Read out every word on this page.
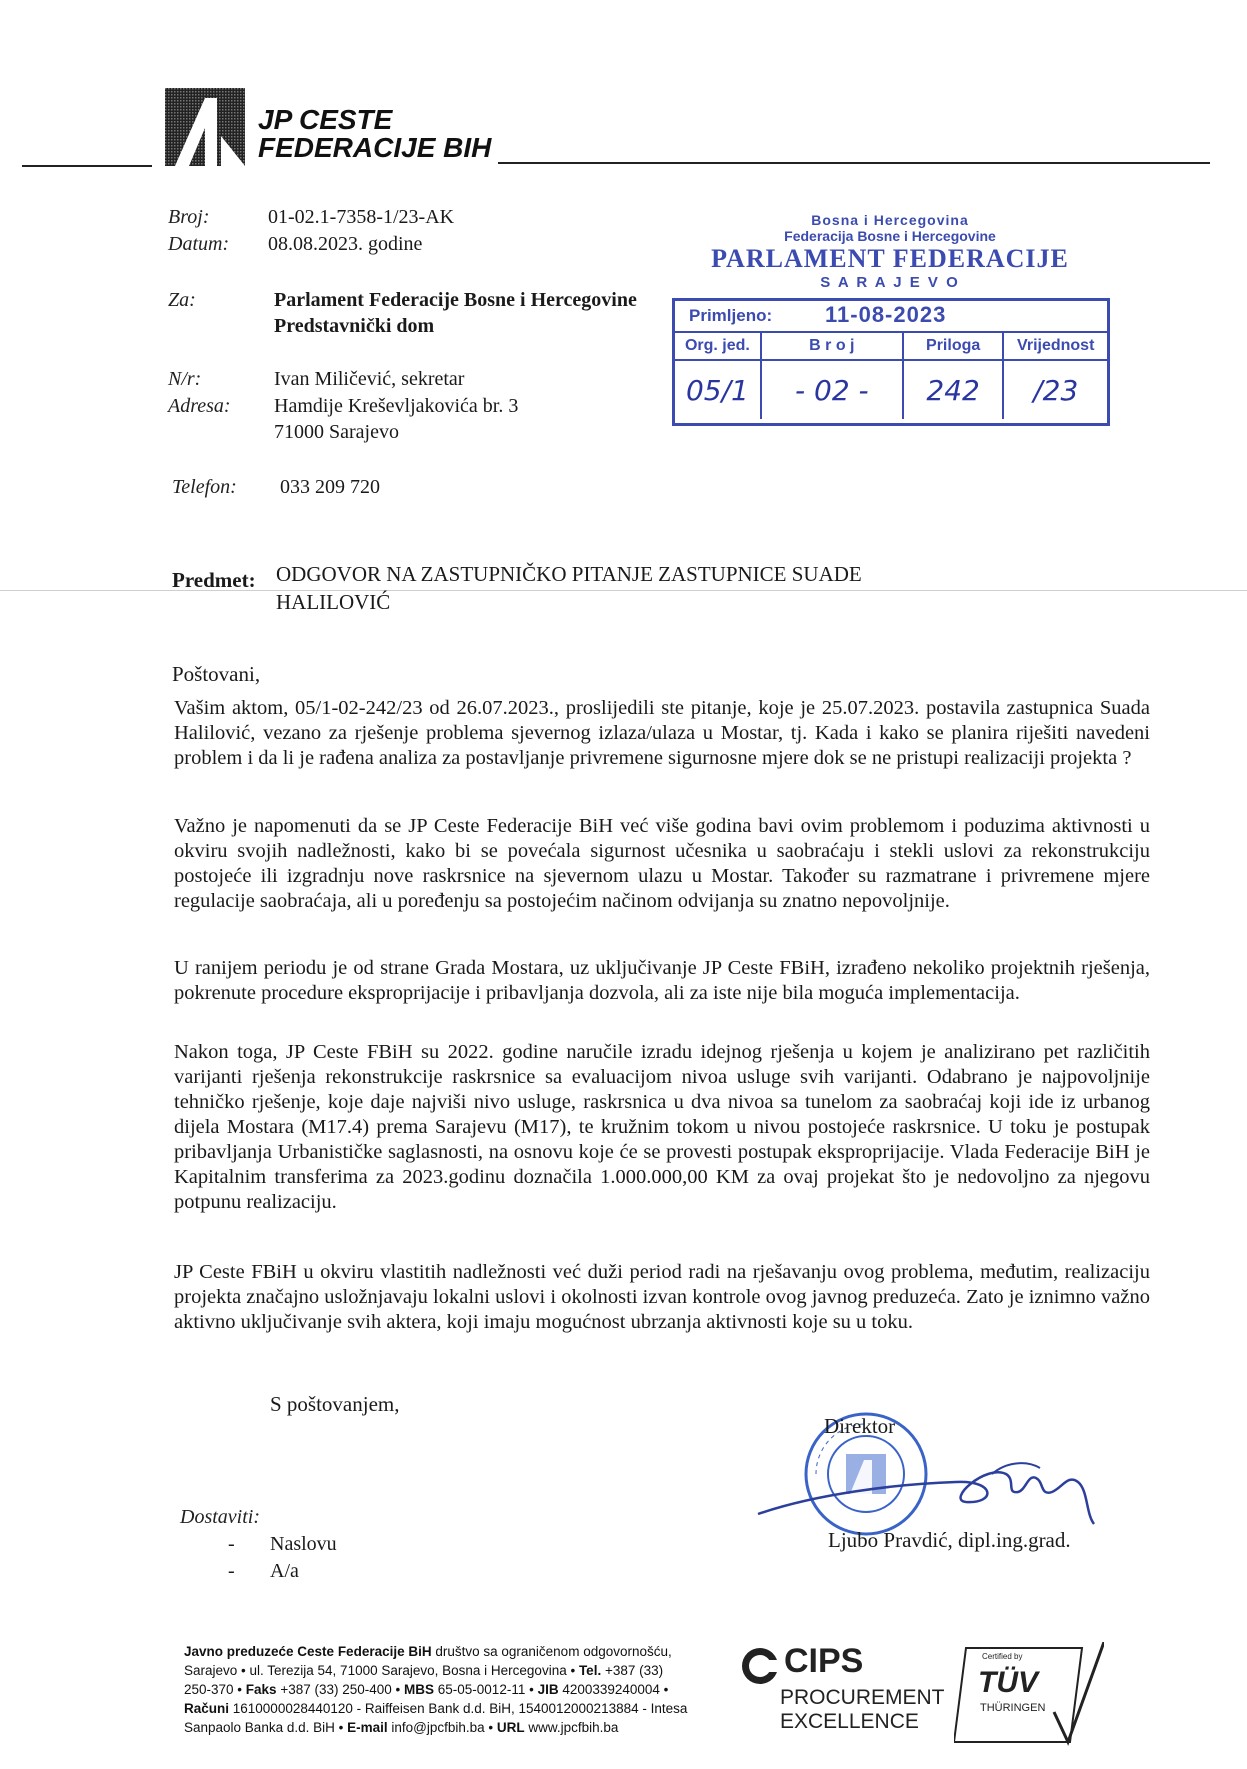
JP CESTE
FEDERACIJE BIH
Broj:	01-02.1-7358-1/23-AK
Datum: 08.08.2023. godine
Za:	Parlament Federacije Bosne i Hercegovine
Predstavnički dom
N/r:	Ivan Miličević, sekretar
Adresa: Hamdije Kreševljakovića br. 3
71000 Sarajevo
Telefon: 033 209 720
Bosna i Hercegovina
Federacija Bosne i Hercegovine
PARLAMENT FEDERACIJE
S A R A J E V O
Primljeno: 11-08-2023
Org. jed.	B r o j	Priloga	Vrijednost
05/1	- 02 -	242	/23
Predmet: ODGOVOR NA ZASTUPNIČKO PITANJE ZASTUPNICE SUADE
HALILOVIĆ
Poštovani,
Vašim aktom, 05/1-02-242/23 od 26.07.2023., proslijedili ste pitanje, koje je 25.07.2023. postavila zastupnica Suada Halilović, vezano za rješenje problema sjevernog izlaza/ulaza u Mostar, tj. Kada i kako se planira riješiti navedeni problem i da li je rađena analiza za postavljanje privremene sigurnosne mjere dok se ne pristupi realizaciji projekta ?
Važno je napomenuti da se JP Ceste Federacije BiH već više godina bavi ovim problemom i poduzima aktivnosti u okviru svojih nadležnosti, kako bi se povećala sigurnost učesnika u saobraćaju i stekli uslovi za rekonstrukciju postojeće ili izgradnju nove raskrsnice na sjevernom ulazu u Mostar. Također su razmatrane i privremene mjere regulacije saobraćaja, ali u poređenju sa postojećim načinom odvijanja su znatno nepovoljnije.
U ranijem periodu je od strane Grada Mostara, uz uključivanje JP Ceste FBiH, izrađeno nekoliko projektnih rješenja, pokrenute procedure eksproprijacije i pribavljanja dozvola, ali za iste nije bila moguća implementacija.
Nakon toga, JP Ceste FBiH su 2022. godine naručile izradu idejnog rješenja u kojem je analizirano pet različitih varijanti rješenja rekonstrukcije raskrsnice sa evaluacijom nivoa usluge svih varijanti. Odabrano je najpovoljnije tehničko rješenje, koje daje najviši nivo usluge, raskrsnica u dva nivoa sa tunelom za saobraćaj koji ide iz urbanog dijela Mostara (M17.4) prema Sarajevu (M17), te kružnim tokom u nivou postojeće raskrsnice. U toku je postupak pribavljanja Urbanističke saglasnosti, na osnovu koje će se provesti postupak eksproprijacije. Vlada Federacije BiH je Kapitalnim transferima za 2023.godinu doznačila 1.000.000,00 KM za ovaj projekat što je nedovoljno za njegovu potpunu realizaciju.
JP Ceste FBiH u okviru vlastitih nadležnosti već duži period radi na rješavanju ovog problema, međutim, realizaciju projekta značajno usložnjavaju lokalni uslovi i okolnosti izvan kontrole ovog javnog preduzeća. Zato je iznimno važno aktivno uključivanje svih aktera, koji imaju mogućnost ubrzanja aktivnosti koje su u toku.
S poštovanjem,
Direktor
Ljubo Pravdić, dipl.ing.grad.
Dostaviti:
- Naslovu
- A/a
Javno preduzeće Ceste Federacije BiH društvo sa ograničenom odgovornošću,
Sarajevo • ul. Terezija 54, 71000 Sarajevo, Bosna i Hercegovina • Tel. +387 (33)
250-370 • Faks +387 (33) 250-400 • MBS 65-05-0012-11 • JIB 4200339240004 •
Računi 1610000028440120 - Raiffeisen Bank d.d. BiH, 1540012000213884 - Intesa
Sanpaolo Banka d.d. BiH • E-mail info@jpcfbih.ba • URL www.jpcfbih.ba
CIPS
PROCUREMENT
EXCELLENCE
Certified by
TÜV
THÜRINGEN
